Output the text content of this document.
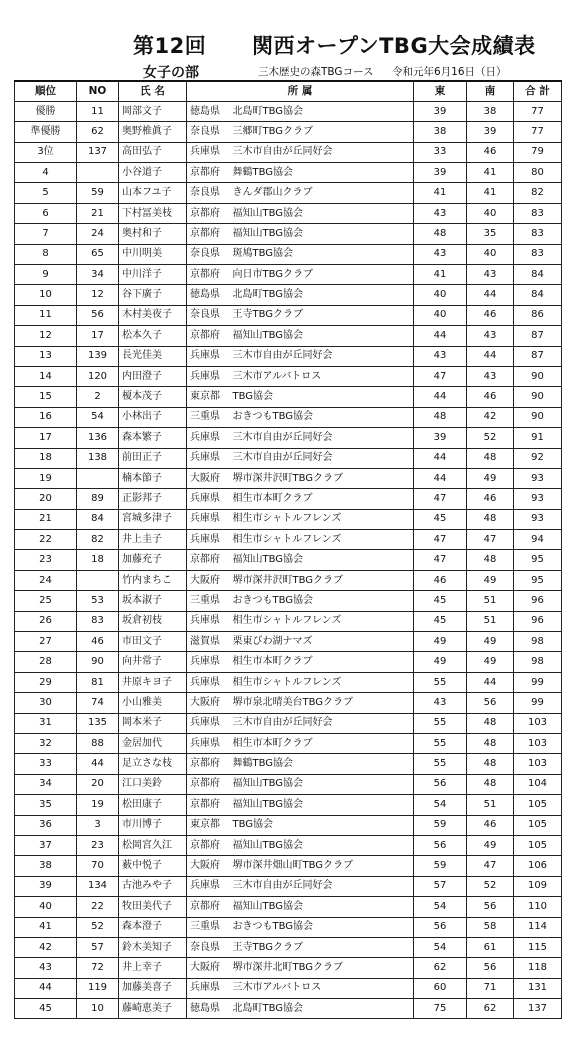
第12回 関西オープンTBG大会成績表
女子の部	三木歴史の森TBGコース 令和元年6月16日（日）
順位	NO	氏 名	所 属		東	南	合 計
優勝	11	岡部文子	徳島県	北島町TBG協会	39	38	77
準優勝	62	奥野椎眞子	奈良県	三郷町TBGクラブ	38	39	77
3位	137	高田弘子	兵庫県	三木市自由が丘同好会	33	46	79
4		小谷道子	京都府	舞鶴TBG協会	39	41	80
5	59	山本フユ子	奈良県	きんダ郡山クラブ	41	41	82
6	21	下村冨美枝	京都府	福知山TBG協会	43	40	83
7	24	奥村和子	京都府	福知山TBG協会	48	35	83
8	65	中川明美	奈良県	斑鳩TBG協会	43	40	83
9	34	中川洋子	京都府	向日市TBGクラブ	41	43	84
10	12	谷下廣子	徳島県	北島町TBG協会	40	44	84
11	56	木村美夜子	奈良県	王寺TBGクラブ	40	46	86
12	17	松本久子	京都府	福知山TBG協会	44	43	87
13	139	長光佳美	兵庫県	三木市自由が丘同好会	43	44	87
14	120	内田澄子	兵庫県	三木市アルバトロス	47	43	90
15	2	榎本茂子	東京都	TBG協会	44	46	90
16	54	小林出子	三重県	おきつもTBG協会	48	42	90
17	136	森本繁子	兵庫県	三木市自由が丘同好会	39	52	91
18	138	前田正子	兵庫県	三木市自由が丘同好会	44	48	92
19		楠本節子	大阪府	堺市深井沢町TBGクラブ	44	49	93
20	89	正影邦子	兵庫県	相生市本町クラブ	47	46	93
21	84	宮城多津子	兵庫県	相生市シャトルフレンズ	45	48	93
22	82	井上圭子	兵庫県	相生市シャトルフレンズ	47	47	94
23	18	加藤充子	京都府	福知山TBG協会	47	48	95
24		竹内まちこ	大阪府	堺市深井沢町TBGクラブ	46	49	95
25	53	坂本淑子	三重県	おきつもTBG協会	45	51	96
26	83	坂倉初枝	兵庫県	相生市シャトルフレンズ	45	51	96
27	46	市田文子	滋賀県	栗東びわ湖ナマズ	49	49	98
28	90	向井常子	兵庫県	相生市本町クラブ	49	49	98
29	81	井原キヨ子	兵庫県	相生市シャトルフレンズ	55	44	99
30	74	小山雅美	大阪府	堺市泉北晴美台TBGクラブ	43	56	99
31	135	岡本米子	兵庫県	三木市自由が丘同好会	55	48	103
32	88	金居加代	兵庫県	相生市本町クラブ	55	48	103
33	44	足立さな枝	京都府	舞鶴TBG協会	55	48	103
34	20	江口美鈴	京都府	福知山TBG協会	56	48	104
35	19	松田康子	京都府	福知山TBG協会	54	51	105
36	3	市川博子	東京都	TBG協会	59	46	105
37	23	松岡宮久江	京都府	福知山TBG協会	56	49	105
38	70	薮中悦子	大阪府	堺市深井畑山町TBGクラブ	59	47	106
39	134	古池みや子	兵庫県	三木市自由が丘同好会	57	52	109
40	22	牧田美代子	京都府	福知山TBG協会	54	56	110
41	52	森本澄子	三重県	おきつもTBG協会	56	58	114
42	57	鈴木美知子	奈良県	王寺TBGクラブ	54	61	115
43	72	井上幸子	大阪府	堺市深井北町TBGクラブ	62	56	118
44	119	加藤美喜子	兵庫県	三木市アルバトロス	60	71	131
45	10	藤崎恵美子	徳島県	北島町TBG協会	75	62	137
